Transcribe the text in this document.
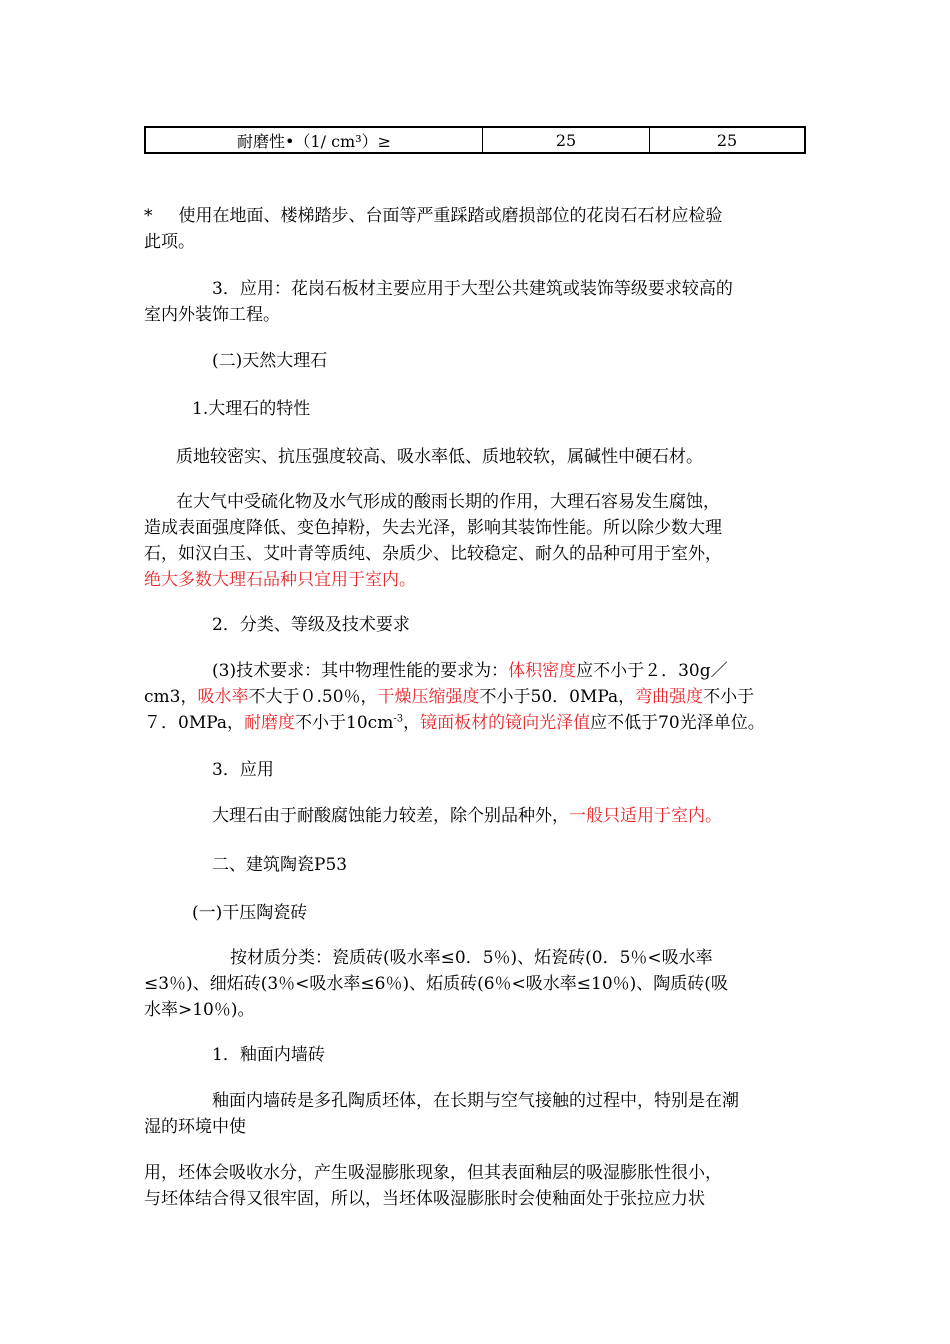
耐磨性•（1/ cm³）≥	25	25
* 使用在地面、楼梯踏步、台面等严重踩踏或磨损部位的花岗石石材应检验
此项。
3．应用：花岗石板材主要应用于大型公共建筑或装饰等级要求较高的
室内外装饰工程。
(二)天然大理石
1.大理石的特性
质地较密实、抗压强度较高、吸水率低、质地较软，属碱性中硬石材。
在大气中受硫化物及水气形成的酸雨长期的作用，大理石容易发生腐蚀，
造成表面强度降低、变色掉粉，失去光泽，影响其装饰性能。所以除少数大理
石，如汉白玉、艾叶青等质纯、杂质少、比较稳定、耐久的品种可用于室外，
绝大多数大理石品种只宜用于室内。
2．分类、等级及技术要求
(3)技术要求：其中物理性能的要求为：体积密度应不小于２．30g／
cm3，吸水率不大于０.50％，干燥压缩强度不小于50．0MPa，弯曲强度不小于
７．0MPa，耐磨度不小于$10cm^{-3}$，镜面板材的镜向光泽值应不低于70光泽单位。
3．应用
大理石由于耐酸腐蚀能力较差，除个别品种外，一般只适用于室内。
二、建筑陶瓷P53
(一)干压陶瓷砖
按材质分类：瓷质砖(吸水率≤0．5％)、炻瓷砖(0．5％<吸水率
≤3％)、细炻砖(3％<吸水率≤6％)、炻质砖(6％<吸水率≤10％)、陶质砖(吸
水率>10％)。
1．釉面内墙砖
釉面内墙砖是多孔陶质坯体，在长期与空气接触的过程中，特别是在潮
湿的环境中使
用，坯体会吸收水分，产生吸湿膨胀现象，但其表面釉层的吸湿膨胀性很小，
与坯体结合得又很牢固，所以，当坯体吸湿膨胀时会使釉面处于张拉应力状
